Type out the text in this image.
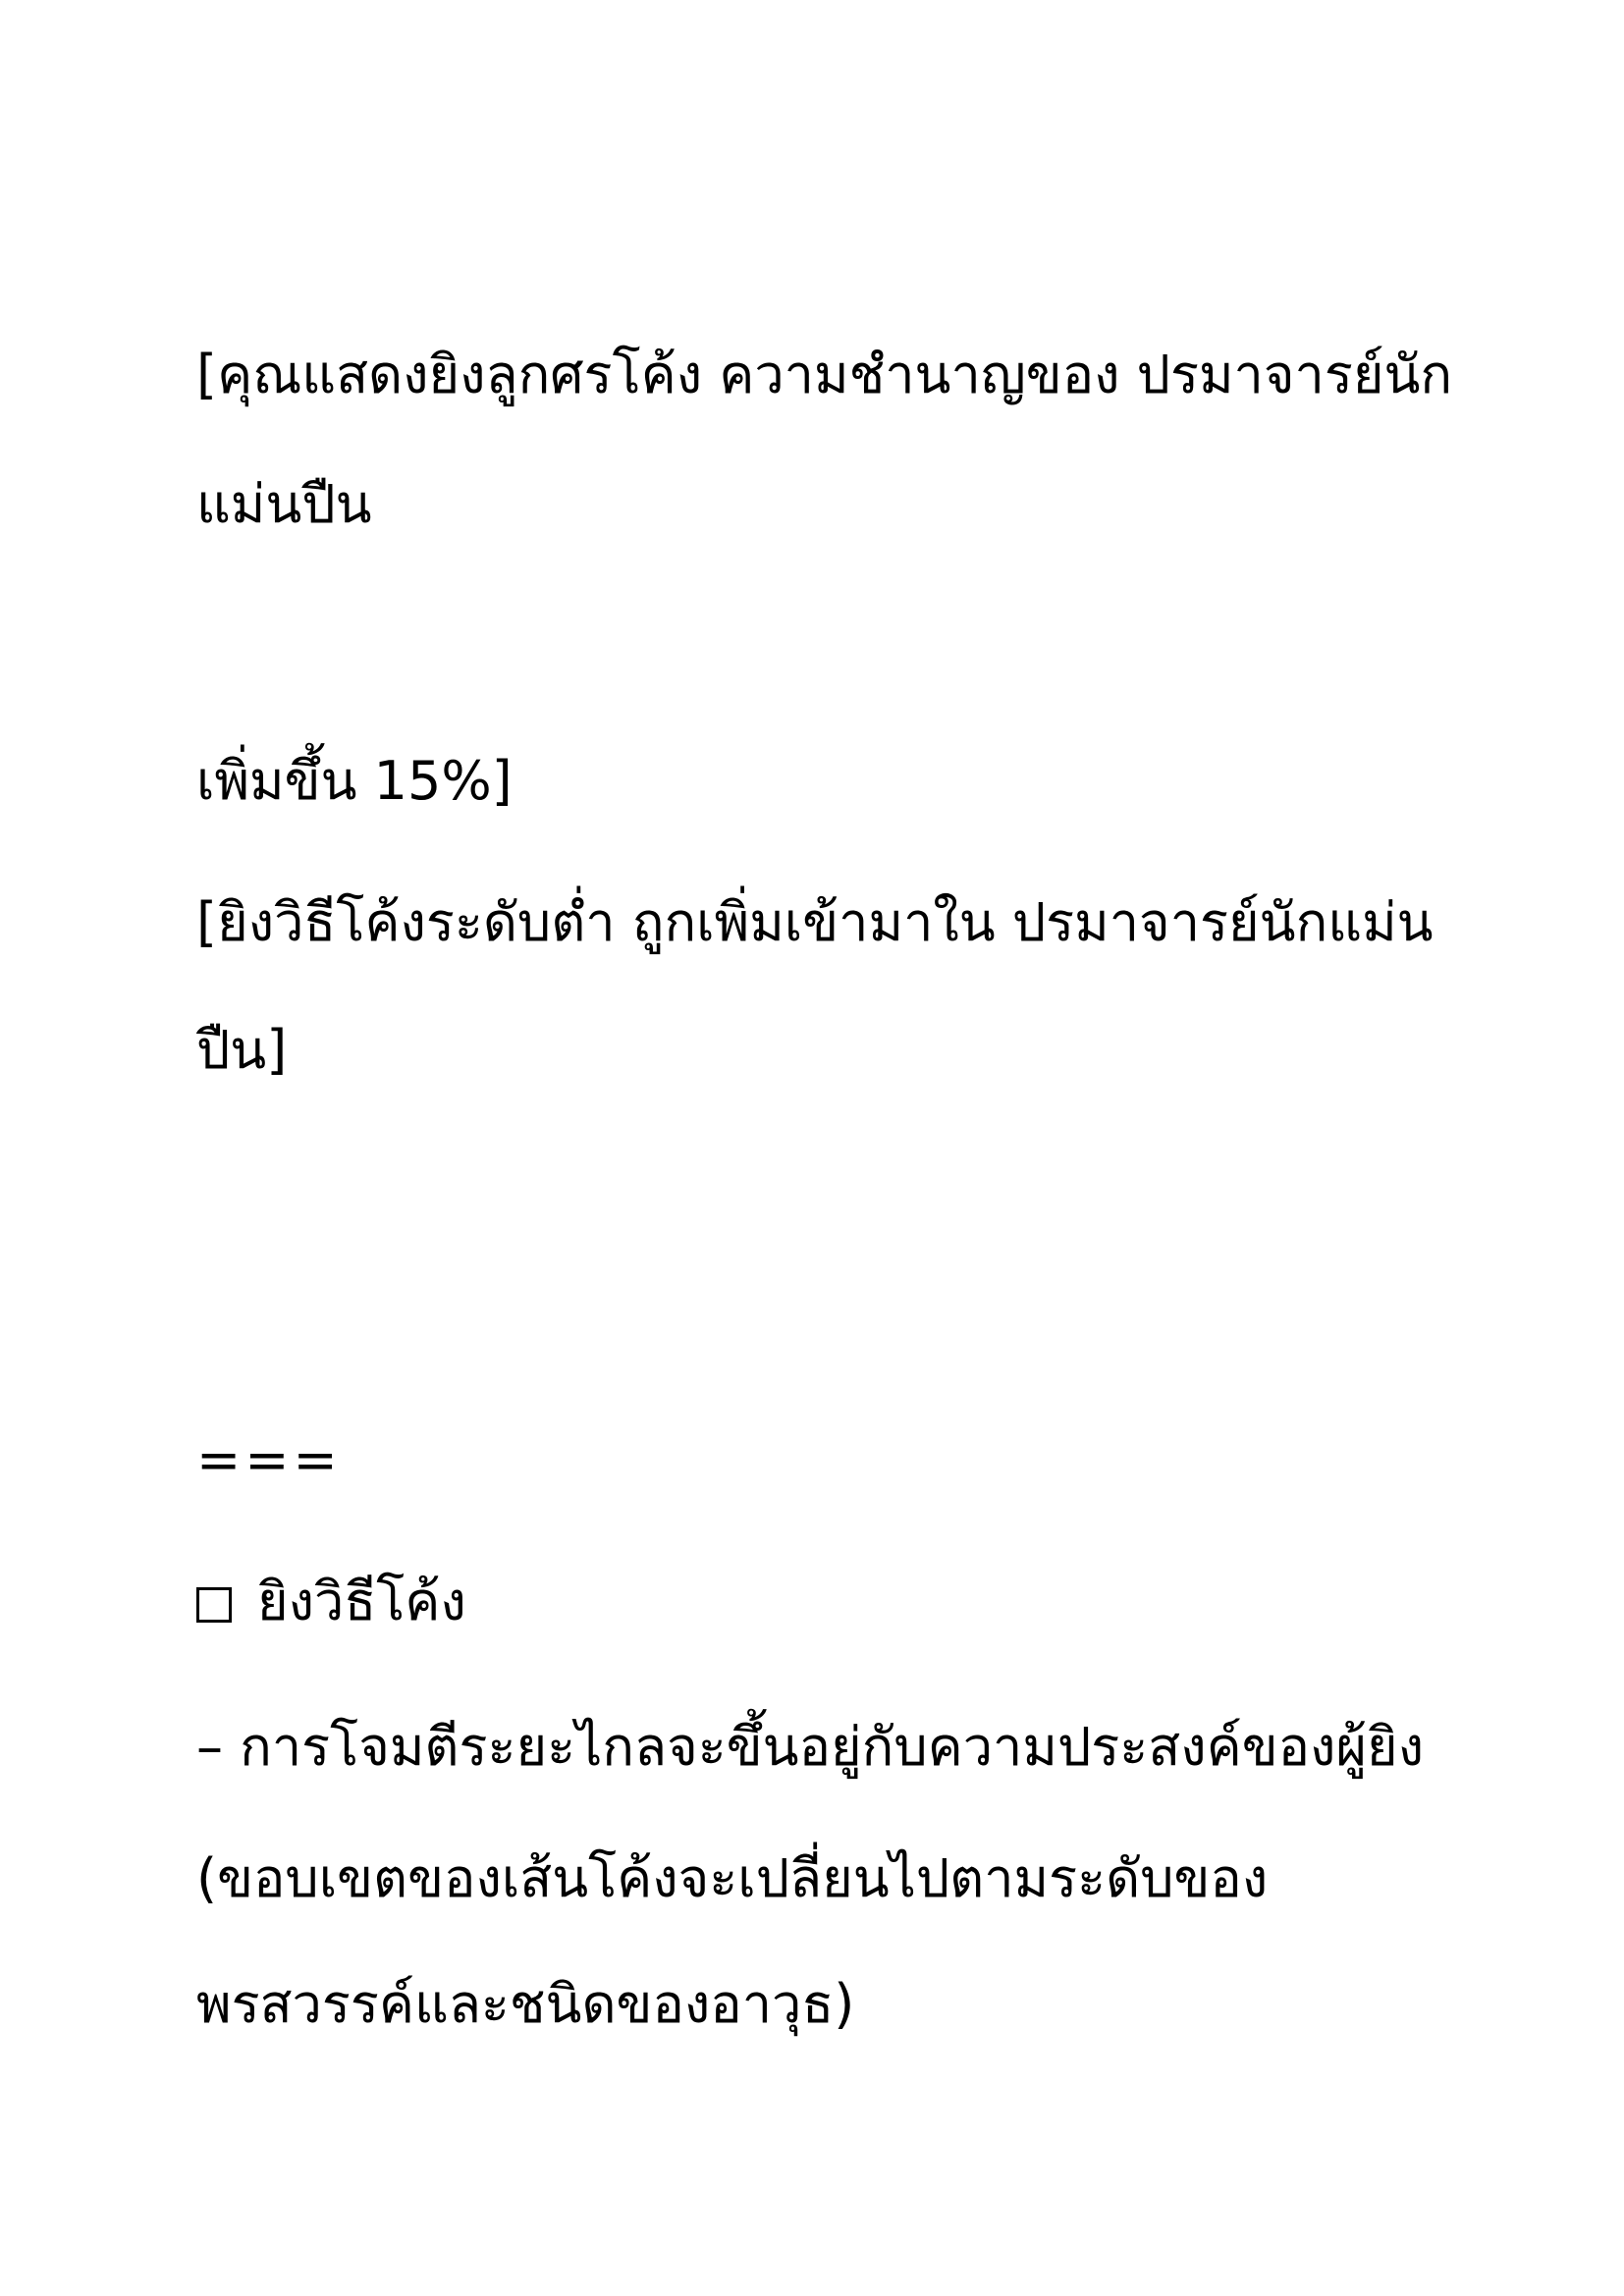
[คุณแสดงยิงลูกศรโค้ง ความชำนาญของ ปรมาจารย์นัก
แม่นปืน
เพิ่มขึ้น 15%]
[ยิงวิธีโค้งระดับต่ำ ถูกเพิ่มเข้ามาใน ปรมาจารย์นักแม่น
ปืน]
===
ยิงวิธีโค้ง
– การโจมตีระยะไกลจะขึ้นอยู่กับความประสงค์ของผู้ยิง
(ขอบเขตของเส้นโค้งจะเปลี่ยนไปตามระดับของ
พรสวรรค์และชนิดของอาวุธ)
